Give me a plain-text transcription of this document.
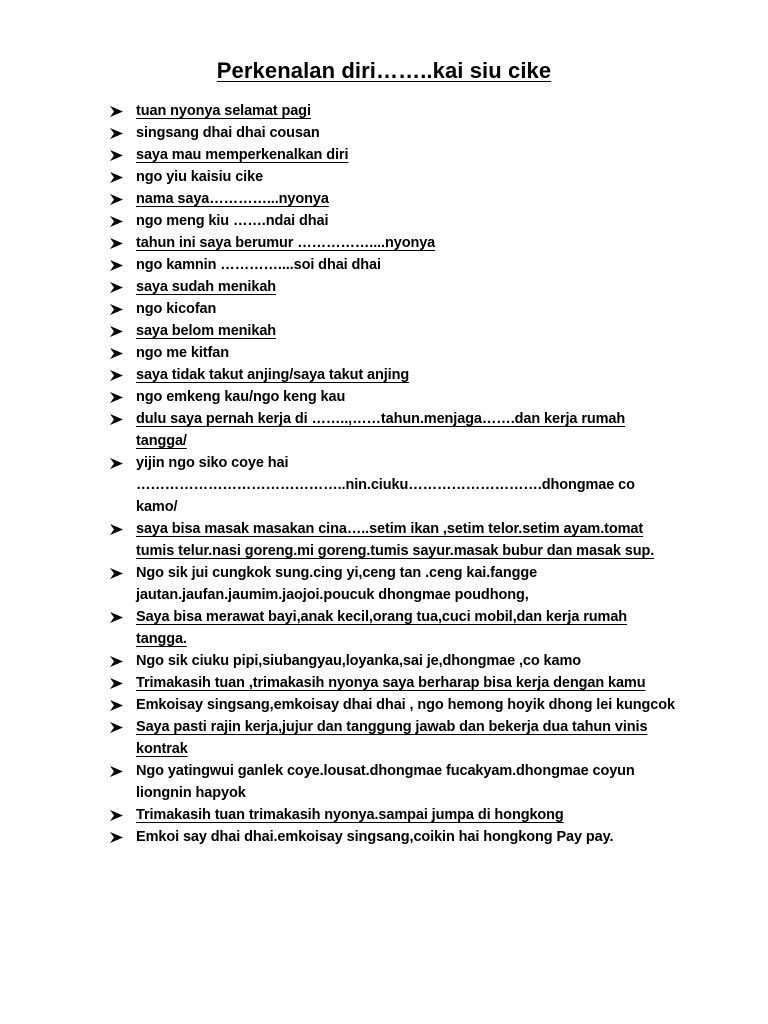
Perkenalan diri……..kai siu cike
tuan nyonya selamat pagi
singsang dhai dhai cousan
saya mau memperkenalkan diri
ngo yiu kaisiu cike
nama saya…………...nyonya
ngo meng kiu …….ndai dhai
tahun ini saya berumur ……………....nyonya
ngo kamnin …………....soi dhai dhai
saya sudah menikah
ngo kicofan
saya belom menikah
ngo me kitfan
saya tidak takut anjing/saya takut anjing
ngo emkeng kau/ngo keng kau
dulu saya pernah kerja di ……..,……tahun.menjaga…….dan kerja rumah tangga/
yijin ngo siko coye hai ……………………………………..nin.ciuku……………………….dhongmae co kamo/
saya bisa masak masakan cina…..setim ikan ,setim telor.setim ayam.tomat tumis telur.nasi goreng.mi goreng.tumis sayur.masak bubur dan masak sup.
Ngo sik jui cungkok sung.cing yi,ceng tan .ceng kai.fangge jautan.jaufan.jaumim.jaojoi.poucuk dhongmae poudhong,
Saya bisa merawat bayi,anak kecil,orang tua,cuci mobil,dan kerja rumah tangga.
Ngo sik ciuku pipi,siubangyau,loyanka,sai je,dhongmae ,co kamo
Trimakasih tuan ,trimakasih nyonya saya berharap bisa kerja dengan kamu
Emkoisay singsang,emkoisay dhai dhai , ngo hemong hoyik dhong lei kungcok
Saya pasti rajin kerja,jujur dan tanggung jawab dan bekerja dua tahun vinis kontrak
Ngo yatingwui ganlek coye.lousat.dhongmae fucakyam.dhongmae coyun liongnin hapyok
Trimakasih tuan trimakasih nyonya.sampai jumpa di hongkong
Emkoi say dhai dhai.emkoisay singsang,coikin hai hongkong Pay pay.
